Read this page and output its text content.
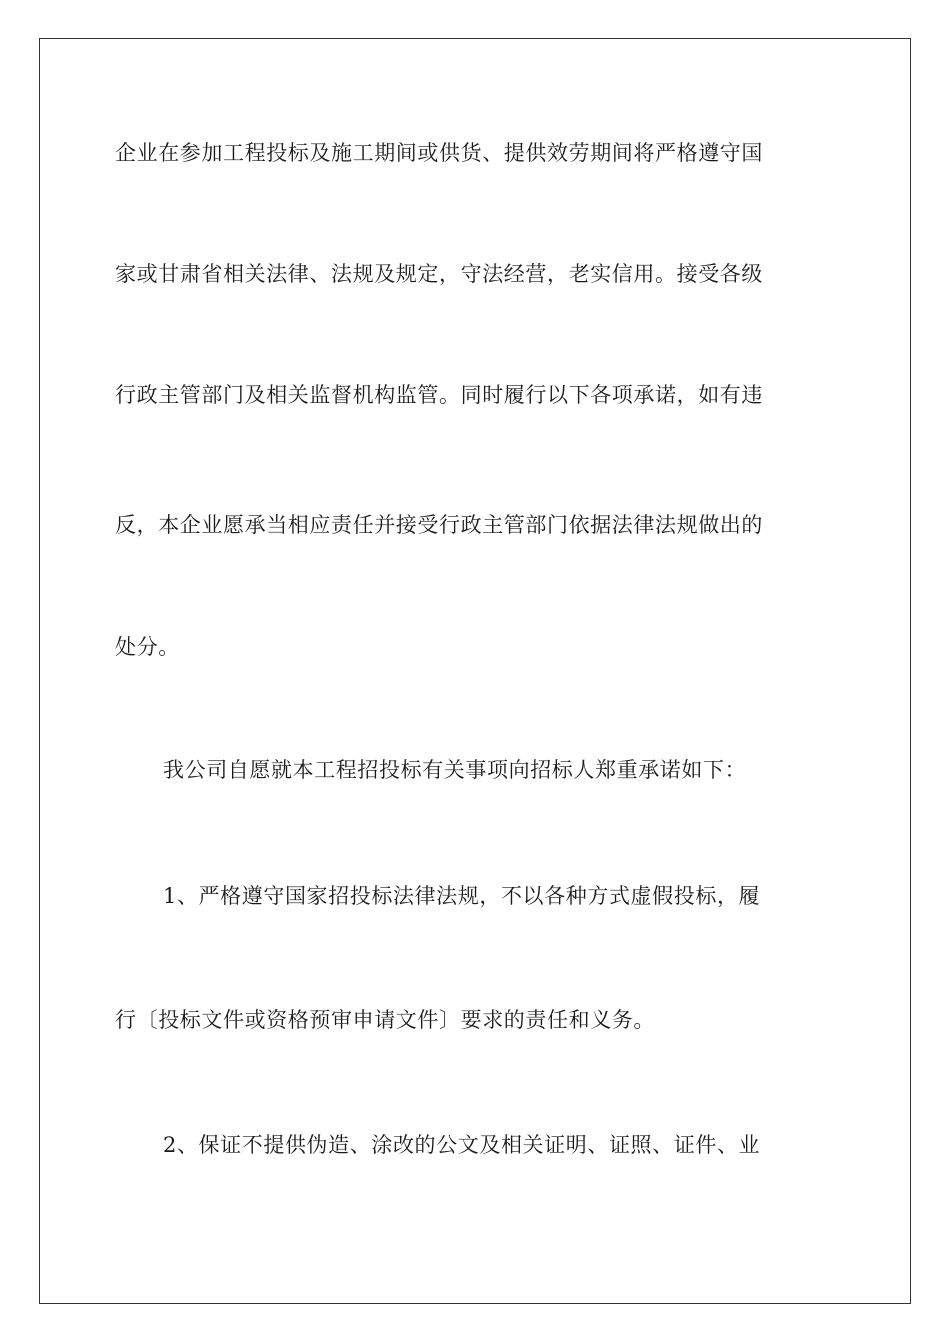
企业在参加工程投标及施工期间或供货、提供效劳期间将严格遵守国
家或甘肃省相关法律、法规及规定，守法经营，老实信用。接受各级
行政主管部门及相关监督机构监管。同时履行以下各项承诺，如有违
反，本企业愿承当相应责任并接受行政主管部门依据法律法规做出的
处分。
我公司自愿就本工程招投标有关事项向招标人郑重承诺如下：
1、严格遵守国家招投标法律法规，不以各种方式虚假投标，履
行〔投标文件或资格预审申请文件〕要求的责任和义务。
2、保证不提供伪造、涂改的公文及相关证明、证照、证件、业
